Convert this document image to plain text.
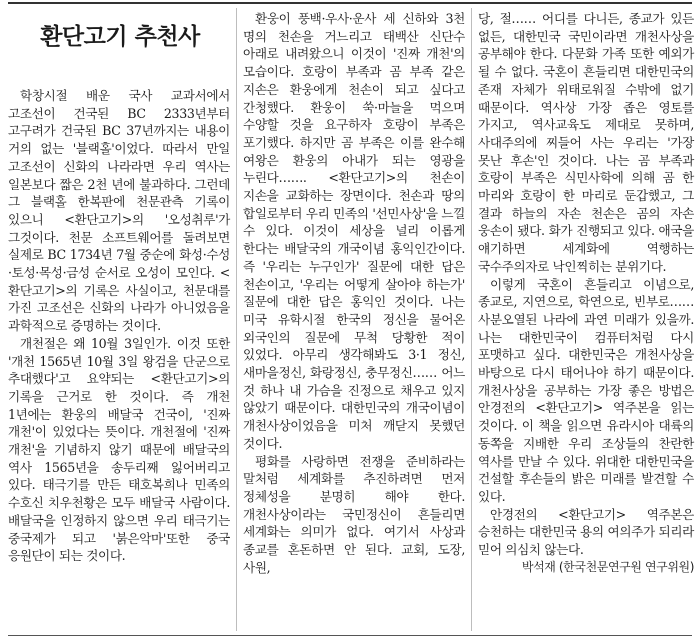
환단고기 추천사

학창시절 배운 국사 교과서에서 고조선이 건국된 BC 2333년부터 고구려가 건국된 BC 37년까지는 내용이 거의 없는 '블랙홀'이었다. 따라서 만일 고조선이 신화의 나라라면 우리 역사는 일본보다 짧은 2천 년에 불과하다. 그런데 그 블랙홀 한복판에 천문관측 기록이 있으니 <환단고기>의 '오성취루'가 그것이다. 천문 소프트웨어를 돌려보면 실제로 BC 1734년 7월 중순에 화성·수성·토성·목성·금성 순서로 오성이 모인다. <환단고기>의 기록은 사실이고, 천문대를 가진 고조선은 신화의 나라가 아니었음을 과학적으로 증명하는 것이다.

개천절은 왜 10월 3일인가. 이것 또한 '개천 1565년 10월 3일 왕검을 단군으로 추대했다'고 요약되는 <환단고기>의 기록을 근거로 한 것이다. 즉 개천 1년에는 환웅의 배달국 건국이, '진짜 개천'이 있었다는 뜻이다. 개천절에 '진짜 개천'을 기념하지 않기 때문에 배달국의 역사 1565년을 송두리째 잃어버리고 있다. 태극기를 만든 태호복희나 민족의 수호신 치우천황은 모두 배달국 사람이다. 배달국을 인정하지 않으면 우리 태극기는 중국제가 되고 '붉은악마'또한 중국 응원단이 되는 것이다.

환웅이 풍백·우사·운사 세 신하와 3천 명의 천손을 거느리고 태백산 신단수 아래로 내려왔으니 이것이 '진짜 개천'의 모습이다. 호랑이 부족과 곰 부족 같은 지손은 환웅에게 천손이 되고 싶다고 간청했다. 환웅이 쑥·마늘을 먹으며 수양할 것을 요구하자 호랑이 부족은 포기했다. 하지만 곰 부족은 이를 완수해 여왕은 환웅의 아내가 되는 영광을 누린다……. <환단고기>의 천손이 지손을 교화하는 장면이다. 천손과 땅의 합일로부터 우리 민족의 '선민사상'을 느낄 수 있다. 이것이 세상을 널리 이롭게 한다는 배달국의 개국이념 홍익인간이다. 즉 '우리는 누구인가' 질문에 대한 답은 천손이고, '우리는 어떻게 살아야 하는가' 질문에 대한 답은 홍익인 것이다. 나는 미국 유학시절 한국의 정신을 물어온 외국인의 질문에 무척 당황한 적이 있었다. 아무리 생각해봐도 3·1 정신, 새마을정신, 화랑정신, 충무정신…… 어느 것 하나 내 가슴을 진정으로 채우고 있지 않았기 때문이다. 대한민국의 개국이념이 개천사상이었음을 미처 깨닫지 못했던 것이다.

평화를 사랑하면 전쟁을 준비하라는 말처럼 세계화를 추진하려면 먼저 정체성을 분명히 해야 한다. 개천사상이라는 국민정신이 흔들리면 세계화는 의미가 없다. 여기서 사상과 종교를 혼돈하면 안 된다. 교회, 도장, 사원,

당, 절…… 어디를 다니든, 종교가 있든 없든, 대한민국 국민이라면 개천사상을 공부해야 한다. 다문화 가족 또한 예외가 될 수 없다. 국혼이 흔들리면 대한민국의 존재 자체가 위태로워질 수밖에 없기 때문이다. 역사상 가장 좁은 영토를 가지고, 역사교육도 제대로 못하며, 사대주의에 찌들어 사는 우리는 '가장 못난 후손'인 것이다. 나는 곰 부족과 호랑이 부족은 식민사학에 의해 곰 한 마리와 호랑이 한 마리로 둔갑했고, 그 결과 하늘의 자손 천손은 곰의 자손 웅손이 됐다. 화가 진행되고 있다. 애국을 얘기하면 세계화에 역행하는 국수주의자로 낙인찍히는 분위기다.

이렇게 국혼이 흔들리고 이념으로, 종교로, 지연으로, 학연으로, 빈부로…… 사분오열된 나라에 과연 미래가 있을까. 나는 대한민국이 컴퓨터처럼 다시 포맷하고 싶다. 대한민국은 개천사상을 바탕으로 다시 태어나야 하기 때문이다. 개천사상을 공부하는 가장 좋은 방법은 안경전의 <환단고기> 역주본을 읽는 것이다. 이 책을 읽으면 유라시아 대륙의 동쪽을 지배한 우리 조상들의 찬란한 역사를 만날 수 있다. 위대한 대한민국을 건설할 후손들의 밝은 미래를 발견할 수 있다.

안경전의 <환단고기> 역주본은 승천하는 대한민국 용의 여의주가 되리라 믿어 의심치 않는다.

박석재 (한국천문연구원 연구위원)
